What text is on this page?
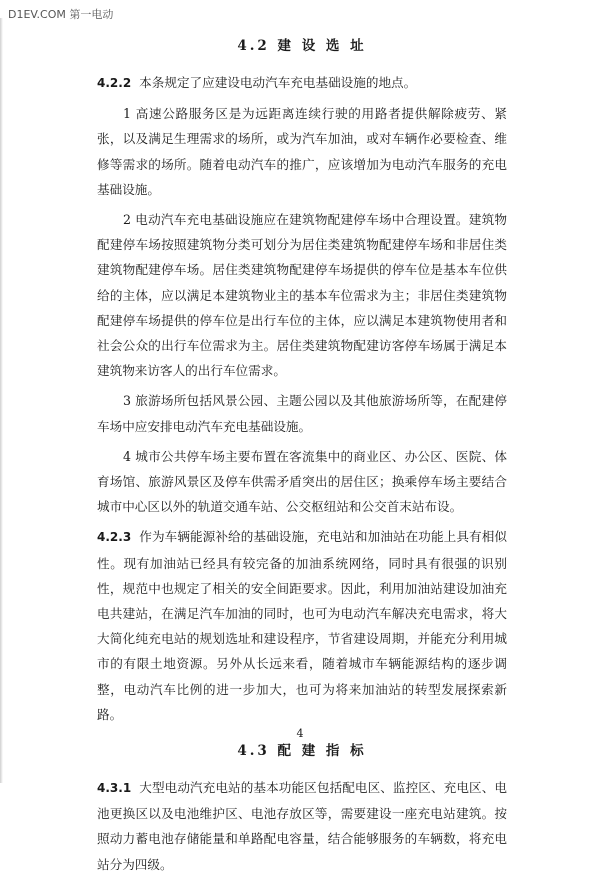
D1EV.COM 第一电动
4.2 建 设 选 址

4.2.2 本条规定了应建设电动汽车充电基础设施的地点。

1 高速公路服务区是为远距离连续行驶的用路者提供解除疲劳、紧张，以及满足生理需求的场所，或为汽车加油，或对车辆作必要检查、维修等需求的场所。随着电动汽车的推广，应该增加为电动汽车服务的充电基础设施。

2 电动汽车充电基础设施应在建筑物配建停车场中合理设置。建筑物配建停车场按照建筑物分类可划分为居住类建筑物配建停车场和非居住类建筑物配建停车场。居住类建筑物配建停车场提供的停车位是基本车位供给的主体，应以满足本建筑物业主的基本车位需求为主；非居住类建筑物配建停车场提供的停车位是出行车位的主体，应以满足本建筑物使用者和社会公众的出行车位需求为主。居住类建筑物配建访客停车场属于满足本建筑物来访客人的出行车位需求。

3 旅游场所包括风景公园、主题公园以及其他旅游场所等，在配建停车场中应安排电动汽车充电基础设施。

4 城市公共停车场主要布置在客流集中的商业区、办公区、医院、体育场馆、旅游风景区及停车供需矛盾突出的居住区；换乘停车场主要结合城市中心区以外的轨道交通车站、公交枢纽站和公交首末站布设。

4.2.3 作为车辆能源补给的基础设施，充电站和加油站在功能上具有相似性。现有加油站已经具有较完备的加油系统网络，同时具有很强的识别性，规范中也规定了相关的安全间距要求。因此，利用加油站建设加油充电共建站，在满足汽车加油的同时，也可为电动汽车解决充电需求，将大大简化纯充电站的规划选址和建设程序，节省建设周期，并能充分利用城市的有限土地资源。另外从长远来看，随着城市车辆能源结构的逐步调整，电动汽车比例的进一步加大，也可为将来加油站的转型发展探索新路。

4.3 配 建 指 标

4.3.1 大型电动汽充电站的基本功能区包括配电区、监控区、充电区、电池更换区以及电池维护区、电池存放区等，需要建设一座充电站建筑。按照动力蓄电池存储能量和单路配电容量，结合能够服务的车辆数，将充电站分为四级。

4
